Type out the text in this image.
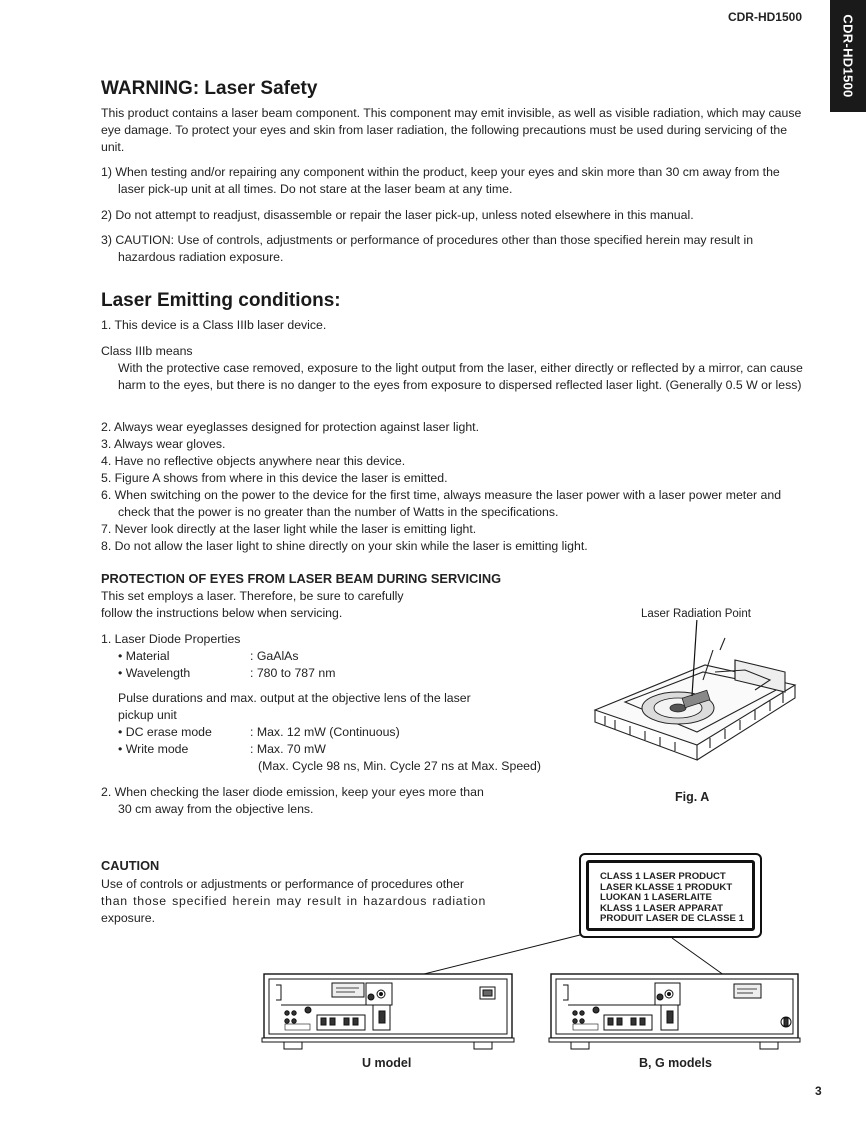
CDR-HD1500	CDR-HD1500
WARNING: Laser Safety
This product contains a laser beam component. This component may emit invisible, as well as visible radiation, which may cause eye damage. To protect your eyes and skin from laser radiation, the following precautions must be used during servicing of the unit.
1) When testing and/or repairing any component within the product, keep your eyes and skin more than 30 cm away from the laser pick-up unit at all times. Do not stare at the laser beam at any time.
2) Do not attempt to readjust, disassemble or repair the laser pick-up, unless noted elsewhere in this manual.
3) CAUTION: Use of controls, adjustments or performance of procedures other than those specified herein may result in hazardous radiation exposure.
Laser Emitting conditions:
1. This device is a Class IIIb laser device.
Class IIIb means
With the protective case removed, exposure to the light output from the laser, either directly or reflected by a mirror, can cause harm to the eyes, but there is no danger to the eyes from exposure to dispersed reflected laser light. (Generally 0.5 W or less)
2. Always wear eyeglasses designed for protection against laser light.
3. Always wear gloves.
4. Have no reflective objects anywhere near this device.
5. Figure A shows from where in this device the laser is emitted.
6. When switching on the power to the device for the first time, always measure the laser power with a laser power meter and check that the power is no greater than the number of Watts in the specifications.
7. Never look directly at the laser light while the laser is emitting light.
8. Do not allow the laser light to shine directly on your skin while the laser is emitting light.
PROTECTION OF EYES FROM LASER BEAM DURING SERVICING
This set employs a laser. Therefore, be sure to carefully
follow the instructions below when servicing.
1. Laser Diode Properties
• Material	: GaAlAs
• Wavelength	: 780 to 787 nm
Pulse durations and max. output at the objective lens of the laser
pickup unit
• DC erase mode	: Max. 12 mW (Continuous)
• Write mode	: Max. 70 mW
(Max. Cycle 98 ns, Min. Cycle 27 ns at Max. Speed)
2. When checking the laser diode emission, keep your eyes more than
30 cm away from the objective lens.
Laser Radiation Point
Fig. A
CAUTION
Use of controls or adjustments or performance of procedures other
than those specified herein may result in hazardous radiation
exposure.
CLASS 1 LASER PRODUCT
LASER KLASSE 1 PRODUKT
LUOKAN 1 LASERLAITE
KLASS 1 LASER APPARAT
PRODUIT LASER DE CLASSE 1
U model	B, G models
3
